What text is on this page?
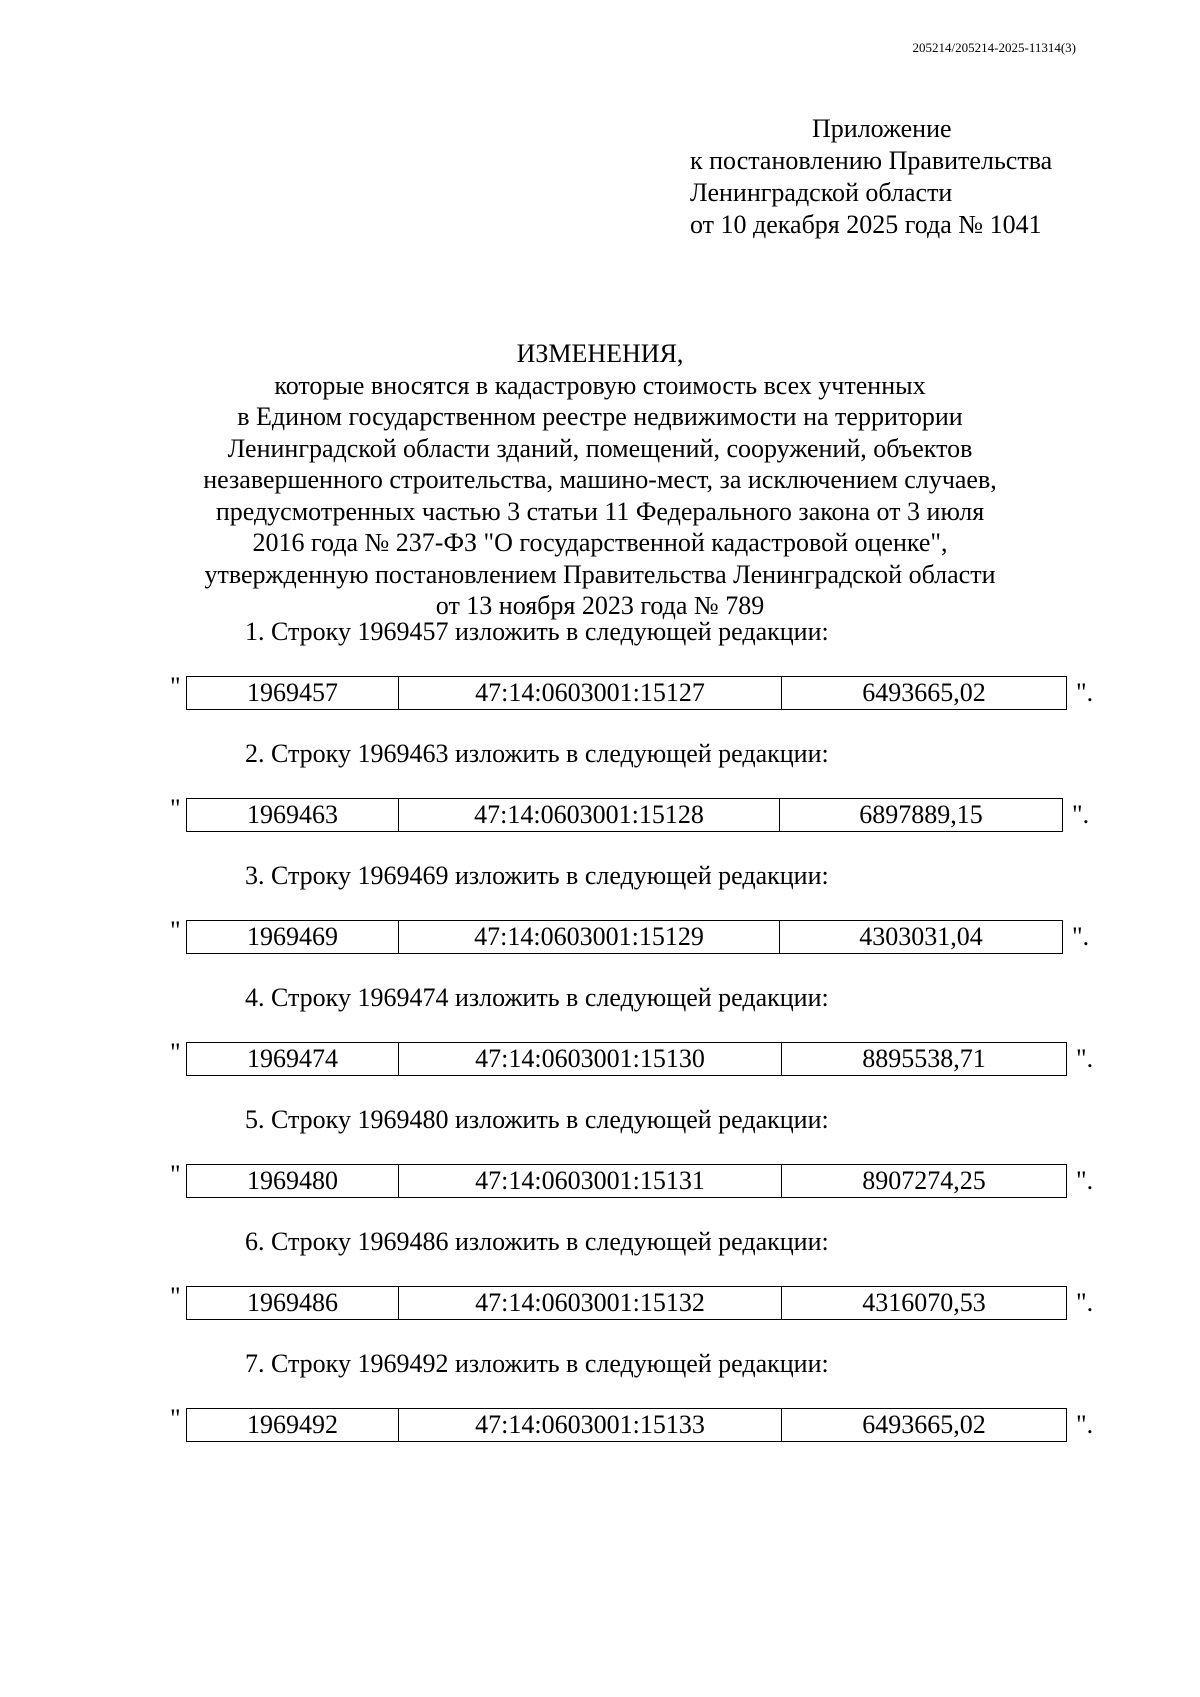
205214/205214-2025-11314(3)
Приложение
к постановлению Правительства
Ленинградской области
от 10 декабря 2025 года № 1041
ИЗМЕНЕНИЯ,
которые вносятся в кадастровую стоимость всех учтенных
в Едином государственном реестре недвижимости на территории
Ленинградской области зданий, помещений, сооружений, объектов
незавершенного строительства, машино-мест, за исключением случаев,
предусмотренных частью 3 статьи 11 Федерального закона от 3 июля
2016 года № 237-ФЗ "О государственной кадастровой оценке",
утвержденную постановлением Правительства Ленинградской области
от 13 ноября 2023 года № 789
1. Строку 1969457 изложить в следующей редакции:
"	1969457	47:14:0603001:15127	6493665,02	".
2. Строку 1969463 изложить в следующей редакции:
"	1969463	47:14:0603001:15128	6897889,15	".
3. Строку 1969469 изложить в следующей редакции:
"	1969469	47:14:0603001:15129	4303031,04	".
4. Строку 1969474 изложить в следующей редакции:
"	1969474	47:14:0603001:15130	8895538,71	".
5. Строку 1969480 изложить в следующей редакции:
"	1969480	47:14:0603001:15131	8907274,25	".
6. Строку 1969486 изложить в следующей редакции:
"	1969486	47:14:0603001:15132	4316070,53	".
7. Строку 1969492 изложить в следующей редакции:
"	1969492	47:14:0603001:15133	6493665,02	".
